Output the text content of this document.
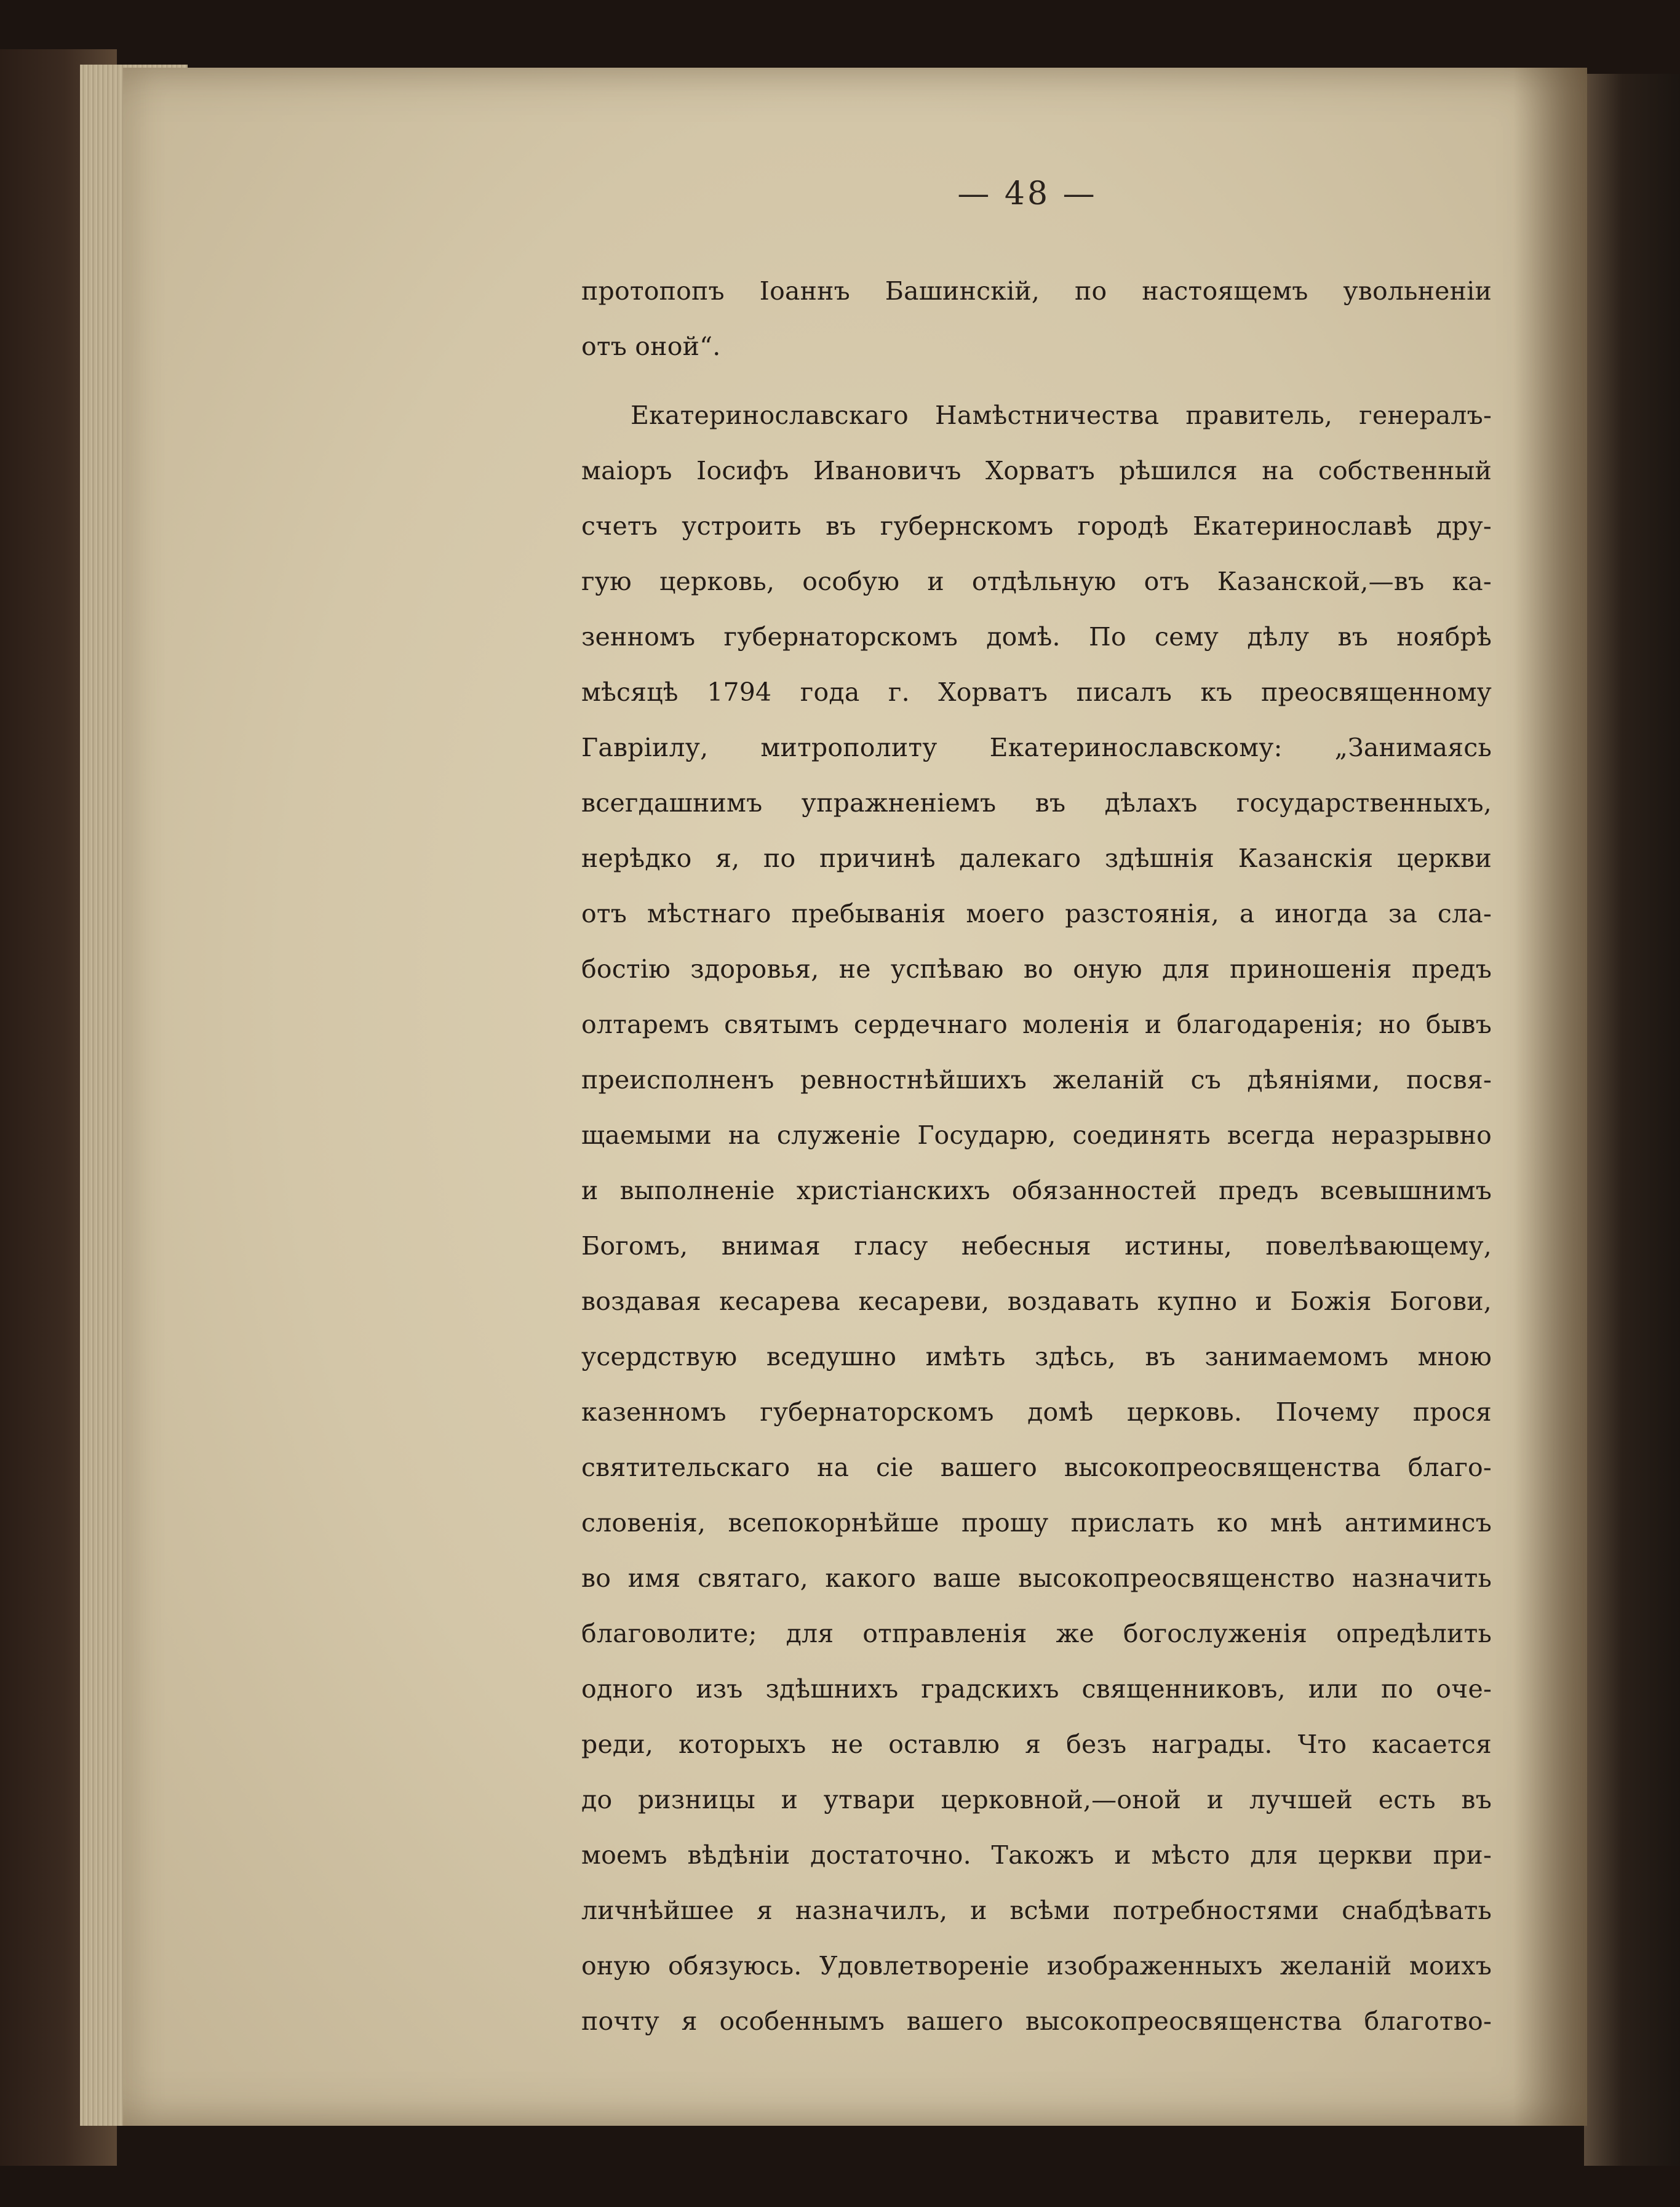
— 48 —
протопопъ Іоаннъ Башинскій, по настоящемъ увольненіи
отъ оной“.
Екатеринославскаго Намѣстничества правитель, генералъ-
маіоръ Іосифъ Ивановичъ Хорватъ рѣшился на собственный
счетъ устроить въ губернскомъ городѣ Екатеринославѣ дру-
гую церковь, особую и отдѣльную отъ Казанской,—въ ка-
зенномъ губернаторскомъ домѣ. По сему дѣлу въ ноябрѣ
мѣсяцѣ 1794 года г. Хорватъ писалъ къ преосвященному
Гавріилу, митрополиту Екатеринославскому: „Занимаясь
всегдашнимъ упражненіемъ въ дѣлахъ государственныхъ,
нерѣдко я, по причинѣ далекаго здѣшнія Казанскія церкви
отъ мѣстнаго пребыванія моего разстоянія, а иногда за сла-
бостію здоровья, не успѣваю во оную для приношенія предъ
олтаремъ святымъ сердечнаго моленія и благодаренія; но бывъ
преисполненъ ревностнѣйшихъ желаній съ дѣяніями, посвя-
щаемыми на служеніе Государю, соединять всегда неразрывно
и выполненіе христіанскихъ обязанностей предъ всевышнимъ
Богомъ, внимая гласу небесныя истины, повелѣвающему,
воздавая кесарева кесареви, воздавать купно и Божія Богови,
усердствую вседушно имѣть здѣсь, въ занимаемомъ мною
казенномъ губернаторскомъ домѣ церковь. Почему прося
святительскаго на сіе вашего высокопреосвященства благо-
словенія, всепокорнѣйше прошу прислать ко мнѣ антиминсъ
во имя святаго, какого ваше высокопреосвященство назначить
благоволите; для отправленія же богослуженія опредѣлить
одного изъ здѣшнихъ градскихъ священниковъ, или по оче-
реди, которыхъ не оставлю я безъ награды. Что касается
до ризницы и утвари церковной,—оной и лучшей есть въ
моемъ вѣдѣніи достаточно. Такожъ и мѣсто для церкви при-
личнѣйшее я назначилъ, и всѣми потребностями снабдѣвать
оную обязуюсь. Удовлетвореніе изображенныхъ желаній моихъ
почту я особеннымъ вашего высокопреосвященства благотво-
